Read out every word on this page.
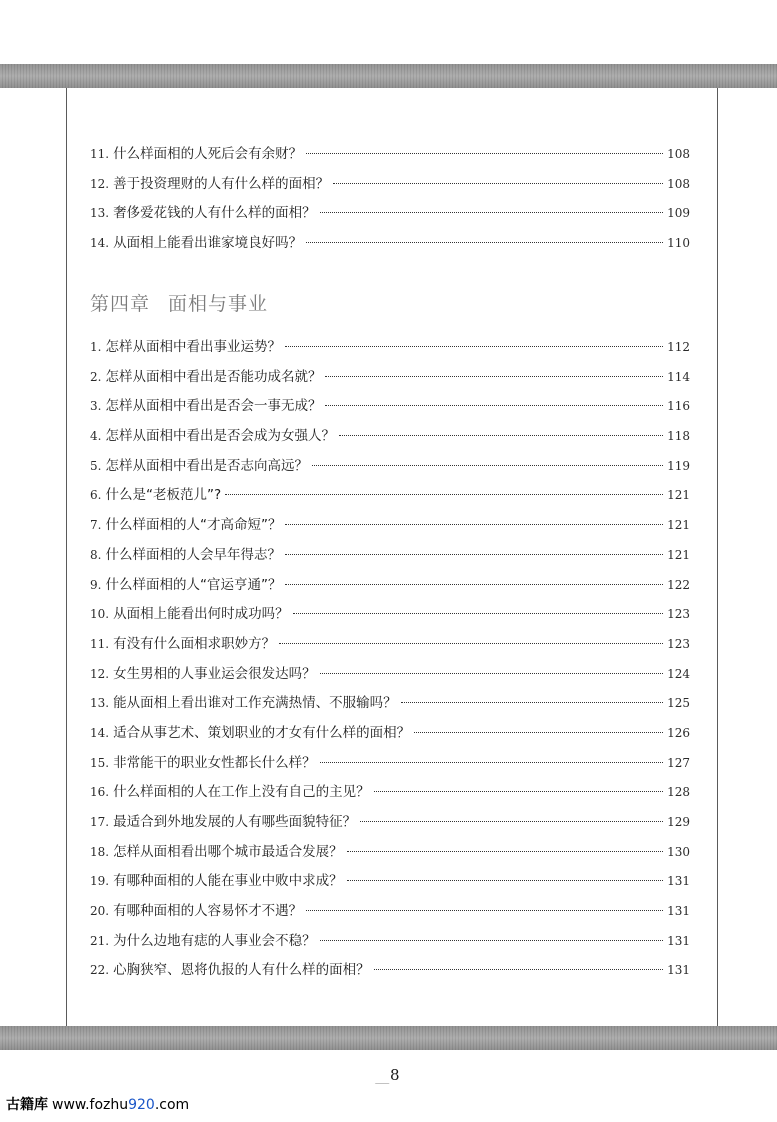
11. 什么样面相的人死后会有余财？	108
12. 善于投资理财的人有什么样的面相？	108
13. 奢侈爱花钱的人有什么样的面相？	109
14. 从面相上能看出谁家境良好吗？	110
第四章 面相与事业
1. 怎样从面相中看出事业运势？	112
2. 怎样从面相中看出是否能功成名就？	114
3. 怎样从面相中看出是否会一事无成？	116
4. 怎样从面相中看出是否会成为女强人？	118
5. 怎样从面相中看出是否志向高远？	119
6. 什么是“老板范儿”?	121
7. 什么样面相的人“才高命短”？	121
8. 什么样面相的人会早年得志？	121
9. 什么样面相的人“官运亨通”？	122
10. 从面相上能看出何时成功吗？	123
11. 有没有什么面相求职妙方？	123
12. 女生男相的人事业运会很发达吗？	124
13. 能从面相上看出谁对工作充满热情、不服输吗？	125
14. 适合从事艺术、策划职业的才女有什么样的面相？	126
15. 非常能干的职业女性都长什么样？	127
16. 什么样面相的人在工作上没有自己的主见？	128
17. 最适合到外地发展的人有哪些面貌特征？	129
18. 怎样从面相看出哪个城市最适合发展？	130
19. 有哪种面相的人能在事业中败中求成？	131
20. 有哪种面相的人容易怀才不遇？	131
21. 为什么边地有痣的人事业会不稳？	131
22. 心胸狭窄、恩将仇报的人有什么样的面相？	131
8
古籍库 www.fozhu920.com
